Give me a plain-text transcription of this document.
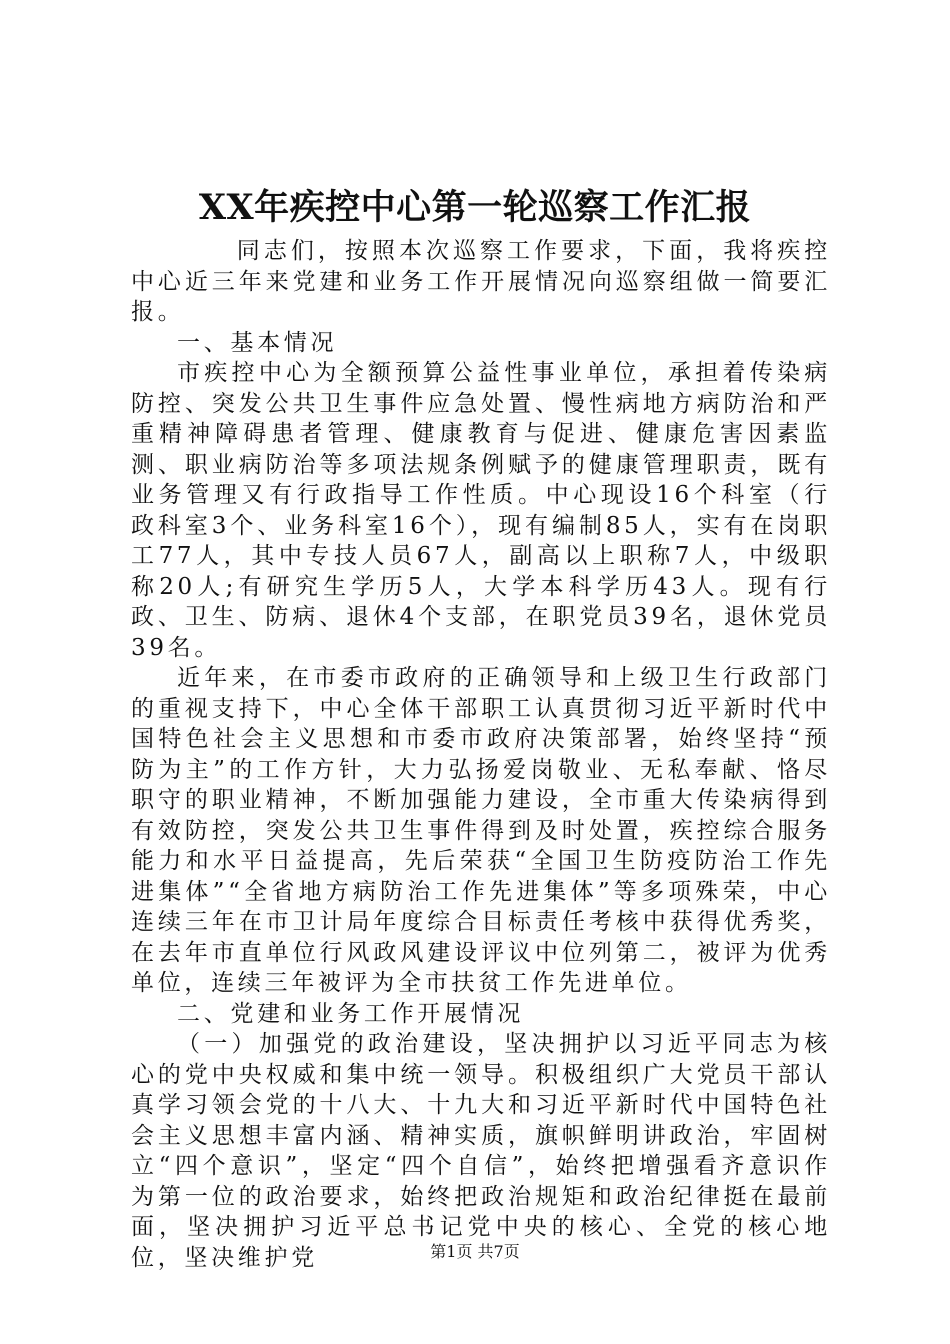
XX年疾控中心第一轮巡察工作汇报

同志们，按照本次巡察工作要求，下面，我将疾控中心近三年来党建和业务工作开展情况向巡察组做一简要汇报。

一、基本情况

市疾控中心为全额预算公益性事业单位，承担着传染病防控、突发公共卫生事件应急处置、慢性病地方病防治和严重精神障碍患者管理、健康教育与促进、健康危害因素监测、职业病防治等多项法规条例赋予的健康管理职责，既有业务管理又有行政指导工作性质。中心现设16个科室（行政科室3个、业务科室16个），现有编制85人，实有在岗职工77人，其中专技人员67人，副高以上职称7人，中级职称20人;有研究生学历5人，大学本科学历43人。现有行政、卫生、防病、退休4个支部，在职党员39名，退休党员39名。

近年来，在市委市政府的正确领导和上级卫生行政部门的重视支持下，中心全体干部职工认真贯彻习近平新时代中国特色社会主义思想和市委市政府决策部署，始终坚持“预防为主”的工作方针，大力弘扬爱岗敬业、无私奉献、恪尽职守的职业精神，不断加强能力建设，全市重大传染病得到有效防控，突发公共卫生事件得到及时处置，疾控综合服务能力和水平日益提高，先后荣获“全国卫生防疫防治工作先进集体”“全省地方病防治工作先进集体”等多项殊荣，中心连续三年在市卫计局年度综合目标责任考核中获得优秀奖，在去年市直单位行风政风建设评议中位列第二，被评为优秀单位，连续三年被评为全市扶贫工作先进单位。

二、党建和业务工作开展情况

（一）加强党的政治建设，坚决拥护以习近平同志为核心的党中央权威和集中统一领导。积极组织广大党员干部认真学习领会党的十八大、十九大和习近平新时代中国特色社会主义思想丰富内涵、精神实质，旗帜鲜明讲政治，牢固树立“四个意识”，坚定“四个自信”，始终把增强看齐意识作为第一位的政治要求，始终把政治规矩和政治纪律挺在最前面，坚决拥护习近平总书记党中央的核心、全党的核心地位，坚决维护党	第1页 共7页
